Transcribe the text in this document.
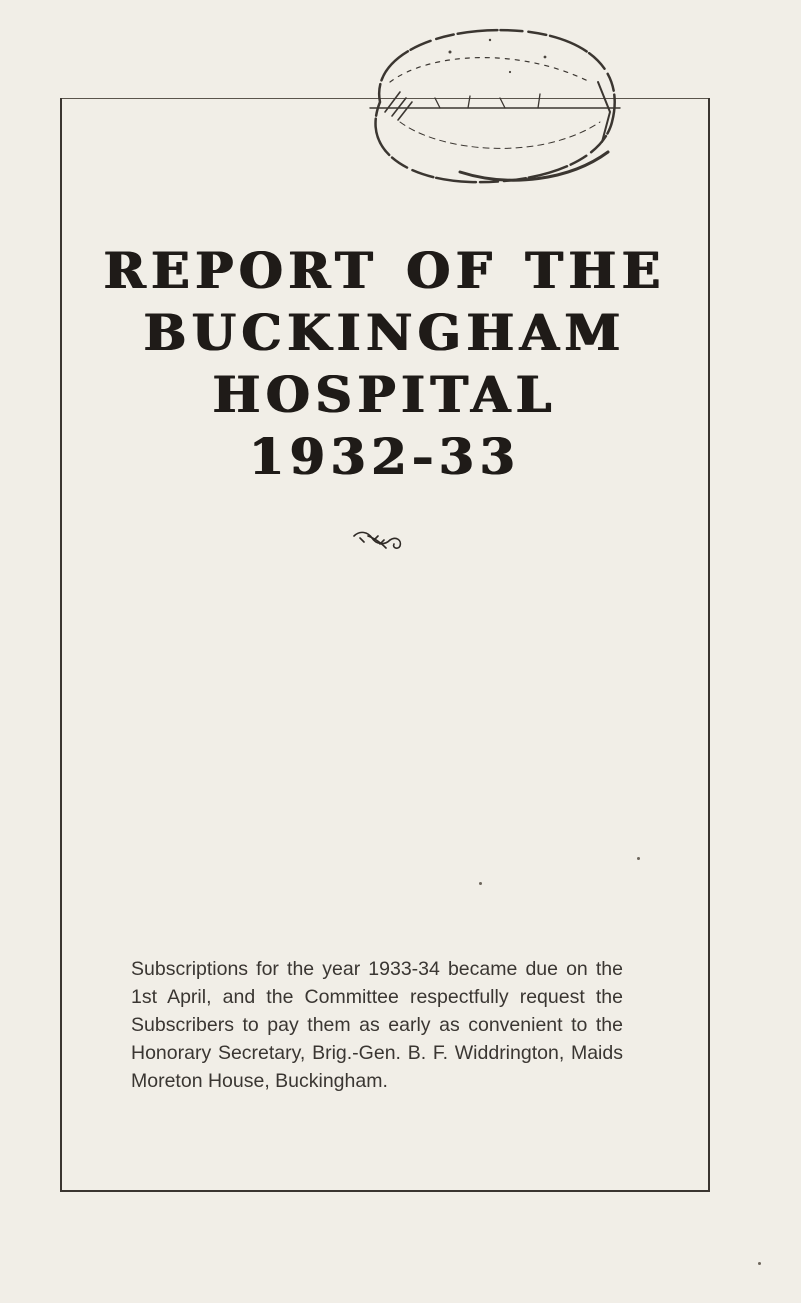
REPORT OF THE
BUCKINGHAM
HOSPITAL
1932-33
Subscriptions for the year 1933-34 became due on the 1st April, and the Committee respectfully request the Subscribers to pay them as early as convenient to the Honorary Secretary, Brig.-Gen. B. F. Widdrington, Maids Moreton House, Buckingham.
